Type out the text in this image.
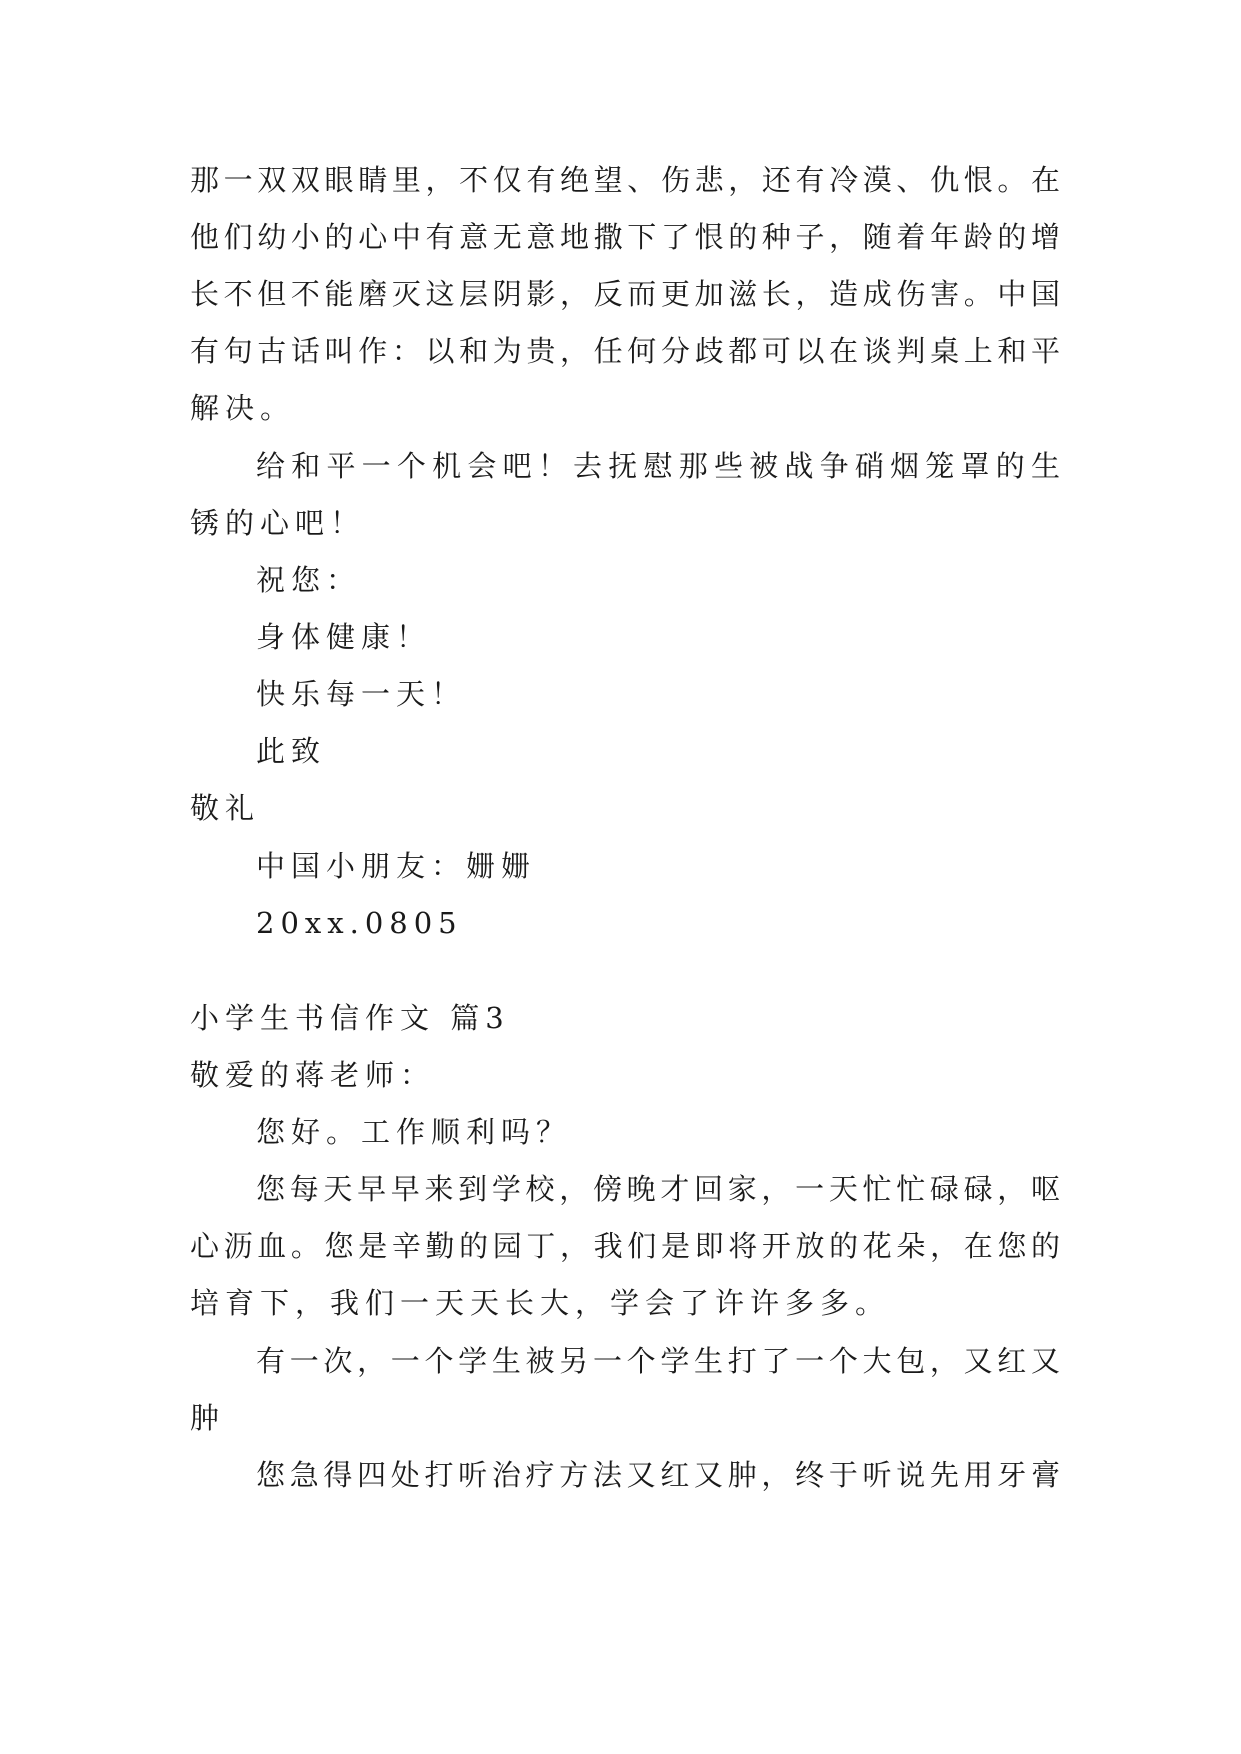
那一双双眼睛里，不仅有绝望、伤悲，还有冷漠、仇恨。在
他们幼小的心中有意无意地撒下了恨的种子，随着年龄的增
长不但不能磨灭这层阴影，反而更加滋长，造成伤害。中国
有句古话叫作：以和为贵，任何分歧都可以在谈判桌上和平
解决。
给和平一个机会吧！去抚慰那些被战争硝烟笼罩的生
锈的心吧！
祝您：
身体健康！
快乐每一天！
此致
敬礼
中国小朋友：姗姗
20xx.0805
小学生书信作文 篇3
敬爱的蒋老师：
您好。工作顺利吗？
您每天早早来到学校，傍晚才回家，一天忙忙碌碌，呕
心沥血。您是辛勤的园丁，我们是即将开放的花朵，在您的
培育下，我们一天天长大，学会了许许多多。
有一次，一个学生被另一个学生打了一个大包，又红又
肿
您急得四处打听治疗方法又红又肿，终于听说先用牙膏
